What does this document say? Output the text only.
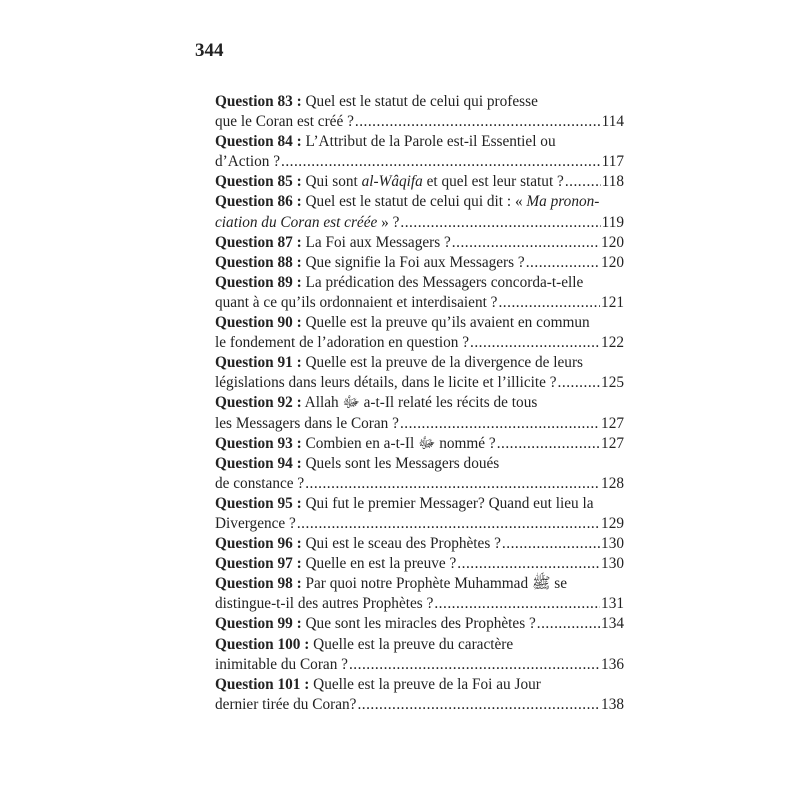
344
Question 83 : Quel est le statut de celui qui professe
que le Coran est créé ? .....	114
Question 84 : L’Attribut de la Parole est-il Essentiel ou
d’Action ? .....	117
Question 85 : Qui sont al-Wâqifa et quel est leur statut ? ..... 118
Question 86 : Quel est le statut de celui qui dit : « Ma pronon-
ciation du Coran est créée » ? .....	119
Question 87 : La Foi aux Messagers ? .....	120
Question 88 : Que signifie la Foi aux Messagers ? .....	120
Question 89 : La prédication des Messagers concorda-t-elle
quant à ce qu’ils ordonnaient et interdisaient ? .....	121
Question 90 : Quelle est la preuve qu’ils avaient en commun
le fondement de l’adoration en question ? .....	122
Question 91 : Quelle est la preuve de la divergence de leurs
législations dans leurs détails, dans le licite et l’illicite ? .....	125
Question 92 : Allah ﷻ a-t-Il relaté les récits de tous
les Messagers dans le Coran ? .....	127
Question 93 : Combien en a-t-Il ﷻ nommé ? .....	127
Question 94 : Quels sont les Messagers doués
de constance ? .....	128
Question 95 : Qui fut le premier Messager? Quand eut lieu la
Divergence ? .....	129
Question 96 : Qui est le sceau des Prophètes ? .....	130
Question 97 : Quelle en est la preuve ? .....	130
Question 98 : Par quoi notre Prophète Muhammad ﷺ se
distingue-t-il des autres Prophètes ? .....	131
Question 99 : Que sont les miracles des Prophètes ? .....	134
Question 100 : Quelle est la preuve du caractère
inimitable du Coran ? .....	136
Question 101 : Quelle est la preuve de la Foi au Jour
dernier tirée du Coran? .....	138
